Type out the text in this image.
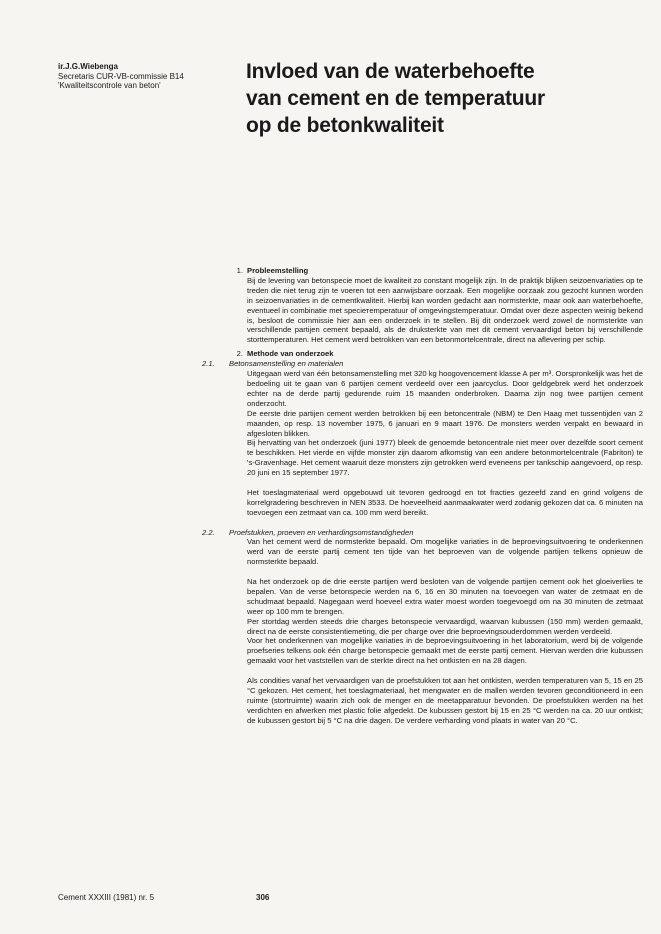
ir.J.G.Wiebenga
Secretaris CUR-VB-commissie B14
'Kwaliteitscontrole van beton'
Invloed van de waterbehoefte
van cement en de temperatuur
op de betonkwaliteit
1. Probleemstelling

Bij de levering van betonspecie moet de kwaliteit zo constant mogelijk zijn. In de praktijk blijken seizoenvariaties op te treden die niet terug zijn te voeren tot een aanwijsbare oorzaak. Een mogelijke oorzaak zou gezocht kunnen worden in seizoenvariaties in de cementkwaliteit. Hierbij kan worden gedacht aan normsterkte, maar ook aan waterbehoefte, eventueel in combinatie met speciетemperatuur of omgevingstemperatuur. Omdat over deze aspecten weinig bekend is, besloot de commissie hier aan een onderzoek in te stellen. Bij dit onderzoek werd zowel de normsterkte van verschillende partijen cement bepaald, als de druksterkte van met dit cement vervaardigd beton bij verschillende storttemperaturen. Het cement werd betrokken van een betonmortelcentrale, direct na aflevering per schip.

2. Methode van onderzoek
2.1.	Betonsamenstelling en materialen

Uitgegaan werd van één betonsamenstelling met 320 kg hoogovencement klasse A per m³. Oorspronkelijk was het de bedoeling uit te gaan van 6 partijen cement verdeeld over een jaarcyclus. Door geldgebrek werd het onderzoek echter na de derde partij gedurende ruim 15 maanden onderbroken. Daarna zijn nog twee partijen cement onderzocht.

De eerste drie partijen cement werden betrokken bij een betoncentrale (NBM) te Den Haag met tussentijden van 2 maanden, op resp. 13 november 1975, 6 januari en 9 maart 1976. De monsters werden verpakt en bewaard in afgesloten blikken.

Bij hervatting van het onderzoek (juni 1977) bleek de genoemde betoncentrale niet meer over dezelfde soort cement te beschikken. Het vierde en vijfde monster zijn daarom afkomstig van een andere betonmortelcentrale (Fabriton) te 's-Gravenhage. Het cement waaruit deze monsters zijn getrokken werd eveneens per tankschip aangevoerd, op resp. 20 juni en 15 september 1977.

Het toeslagmateriaal werd opgebouwd uit tevoren gedroogd en tot fracties gezeefd zand en grind volgens de korrelgradering beschreven in NEN 3533. De hoeveelheid aanmaakwater werd zodanig gekozen dat ca. 6 minuten na toevoegen een zetmaat van ca. 100 mm werd bereikt.

2.2.	Proefstukken, proeven en verhardingsomstandigheden

Van het cement werd de normsterkte bepaald. Om mogelijke variaties in de beproevingsuitvoering te onderkennen werd van de eerste partij cement ten tijde van het beproeven van de volgende partijen telkens opnieuw de normsterkte bepaald.

Na het onderzoek op de drie eerste partijen werd besloten van de volgende partijen cement ook het gloeiverlies te bepalen. Van de verse betonspecie werden na 6, 16 en 30 minuten na toevoegen van water de zetmaat en de schudmaat bepaald. Nagegaan werd hoeveel extra water moest worden toegevoegd om na 30 minuten de zetmaat weer op 100 mm te brengen.

Per stortdag werden steeds drie charges betonspecie vervaardigd, waarvan kubussen (150 mm) werden gemaakt, direct na de eerste consistentiemeting, die per charge over drie beproevingsouderdommen werden verdeeld.

Voor het onderkennen van mogelijke variaties in de beproevingsuitvoering in het laboratorium, werd bij de volgende proefseries telkens ook één charge betonspecie gemaakt met de eerste partij cement. Hiervan werden drie kubussen gemaakt voor het vaststellen van de sterkte direct na het ontkisten en na 28 dagen.

Als condities vanaf het vervaardigen van de proefstukken tot aan het ontkisten, werden temperaturen van 5, 15 en 25 °C gekozen. Het cement, het toeslagmateriaal, het mengwater en de mallen werden tevoren geconditioneerd in een ruimte (stortruimte) waarin zich ook de menger en de meetapparatuur bevonden. De proefstukken werden na het verdichten en afwerken met plastic folie afgedekt. De kubussen gestort bij 15 en 25 °C werden na ca. 20 uur ontkist; de kubussen gestort bij 5 °C na drie dagen. De verdere verharding vond plaats in water van 20 °C.

Cement XXXIII (1981) nr. 5	306
